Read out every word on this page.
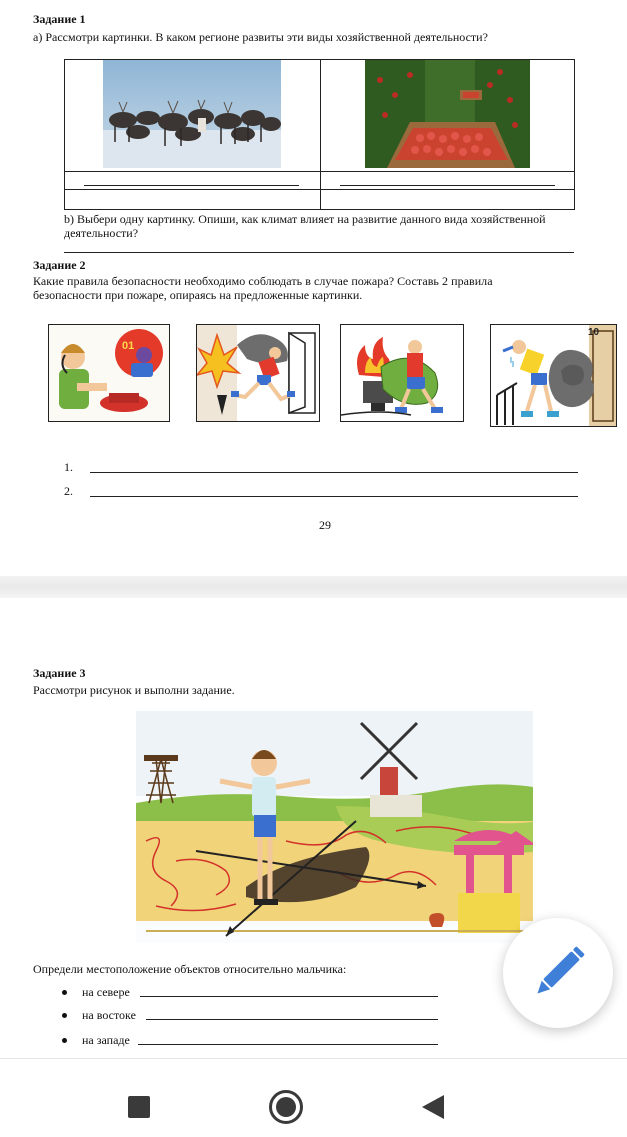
Задание 1
а) Рассмотри картинки. В каком регионе развиты эти виды хозяйственной деятельности?

b) Выбери одну картинку. Опиши, как климат влияет на развитие данного вида хозяйственной
деятельности?
Задание 2
Какие правила безопасности необходимо соблюдать в случае пожара? Составь 2 правила
безопасности при пожаре, опираясь на предложенные картинки.
01
10
1.
2.
29
Задание 3
Рассмотри рисунок и выполни задание.
Определи местоположение объектов относительно мальчика:
на севере
на востоке
на западе
